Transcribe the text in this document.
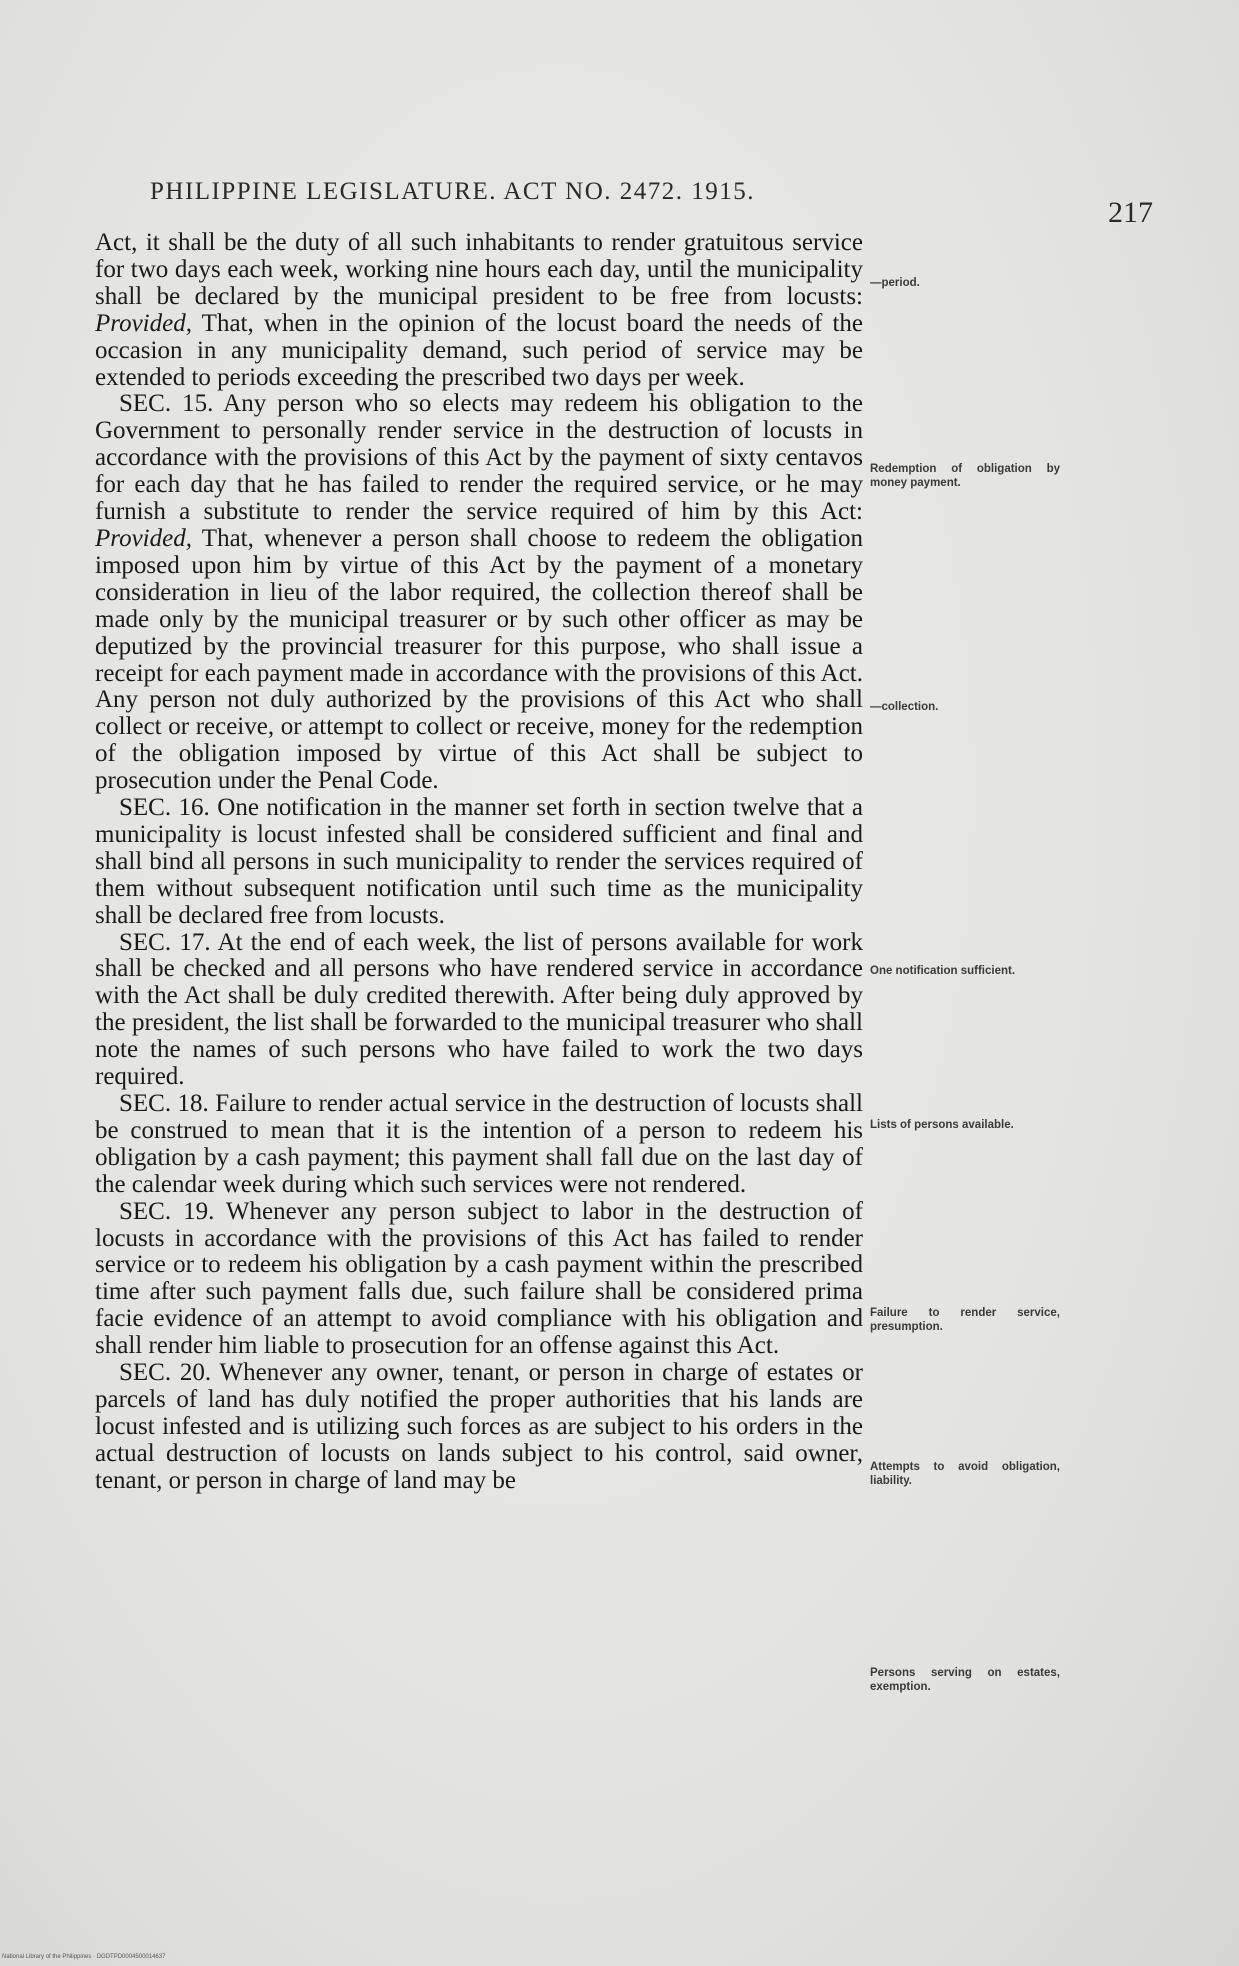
PHILIPPINE LEGISLATURE. ACT NO. 2472. 1915.
217

Act, it shall be the duty of all such inhabitants to render gratuitous service for two days each week, working nine hours each day, until the municipality shall be declared by the municipal president to be free from locusts: Provided, That, when in the opinion of the locust board the needs of the occasion in any municipality demand, such period of service may be extended to periods exceeding the prescribed two days per week.

SEC. 15. Any person who so elects may redeem his obligation to the Government to personally render service in the destruction of locusts in accordance with the provisions of this Act by the payment of sixty centavos for each day that he has failed to render the required service, or he may furnish a substitute to render the service required of him by this Act: Provided, That, whenever a person shall choose to redeem the obligation imposed upon him by virtue of this Act by the payment of a monetary consideration in lieu of the labor required, the collection thereof shall be made only by the municipal treasurer or by such other officer as may be deputized by the provincial treasurer for this purpose, who shall issue a receipt for each payment made in accordance with the provisions of this Act. Any person not duly authorized by the provisions of this Act who shall collect or receive, or attempt to collect or receive, money for the redemption of the obligation imposed by virtue of this Act shall be subject to prosecution under the Penal Code.

SEC. 16. One notification in the manner set forth in section twelve that a municipality is locust infested shall be considered sufficient and final and shall bind all persons in such municipality to render the services required of them without subsequent notification until such time as the municipality shall be declared free from locusts.

SEC. 17. At the end of each week, the list of persons available for work shall be checked and all persons who have rendered service in accordance with the Act shall be duly credited therewith. After being duly approved by the president, the list shall be forwarded to the municipal treasurer who shall note the names of such persons who have failed to work the two days required.

SEC. 18. Failure to render actual service in the destruction of locusts shall be construed to mean that it is the intention of a person to redeem his obligation by a cash payment; this payment shall fall due on the last day of the calendar week during which such services were not rendered.

SEC. 19. Whenever any person subject to labor in the destruction of locusts in accordance with the provisions of this Act has failed to render service or to redeem his obligation by a cash payment within the prescribed time after such payment falls due, such failure shall be considered prima facie evidence of an attempt to avoid compliance with his obligation and shall render him liable to prosecution for an offense against this Act.

SEC. 20. Whenever any owner, tenant, or person in charge of estates or parcels of land has duly notified the proper authorities that his lands are locust infested and is utilizing such forces as are subject to his orders in the actual destruction of locusts on lands subject to his control, said owner, tenant, or person in charge of land may be

—period.
Redemption of obligation by money payment.
—collection.
One notification sufficient.
Lists of persons available.
Failure to render service, presumption.
Attempts to avoid obligation, liability.
Persons serving on estates, exemption.
National Library of the Philippines · DGDTPD0004500014637
